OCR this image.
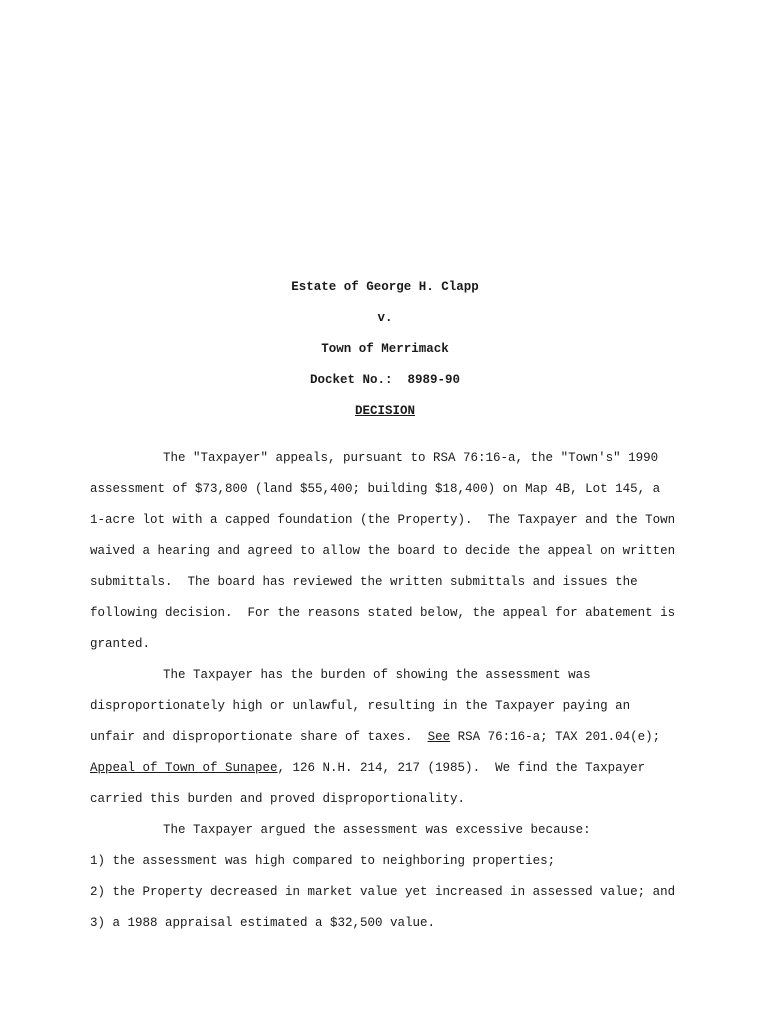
Estate of George H. Clapp
v.
Town of Merrimack
Docket No.:  8989-90
DECISION
The "Taxpayer" appeals, pursuant to RSA 76:16-a, the "Town's" 1990
assessment of $73,800 (land $55,400; building $18,400) on Map 4B, Lot 145, a
1-acre lot with a capped foundation (the Property).  The Taxpayer and the Town
waived a hearing and agreed to allow the board to decide the appeal on written
submittals.  The board has reviewed the written submittals and issues the
following decision.  For the reasons stated below, the appeal for abatement is
granted.
The Taxpayer has the burden of showing the assessment was
disproportionately high or unlawful, resulting in the Taxpayer paying an
unfair and disproportionate share of taxes.  See RSA 76:16-a; TAX 201.04(e);
Appeal of Town of Sunapee, 126 N.H. 214, 217 (1985).  We find the Taxpayer
carried this burden and proved disproportionality.
The Taxpayer argued the assessment was excessive because:
1) the assessment was high compared to neighboring properties;
2) the Property decreased in market value yet increased in assessed value; and
3) a 1988 appraisal estimated a $32,500 value.
